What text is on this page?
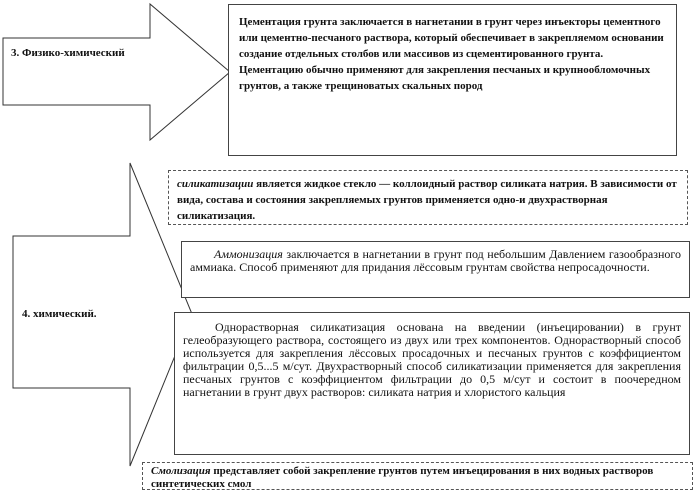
3. Физико-химический
Цементация грунта заключается в нагнетании в грунт через инъекторы цементного или цементно-песчаного раствора, который обеспечивает в закрепляемом основании создание отдельных столбов или массивов из сцементированного грунта. Цементацию обычно применяют для закрепления песчаных и крупнообломочных грунтов, а также трещиноватых скальных пород
4. химический.
силикатизации является жидкое стекло — коллоидный раствор силиката натрия. В зависимости от вида, состава и состояния закрепляемых грунтов применяется одно-и двухрастворная силикатизация.
Аммонизация заключается в нагнетании в грунт под небольшим Давлением газообразного аммиака. Способ применяют для придания лёссовым грунтам свойства непросадочности.
Однорастворная силикатизация основана на введении (инъецировании) в грунт гелеобразующего раствора, состоящего из двух или трех компонентов. Однорастворный способ используется для закрепления лёссовых просадочных и песчаных грунтов с коэффициентом фильтрации 0,5...5 м/сут. Двухрастворный способ силикатизации применяется для закрепления песчаных грунтов с коэффициентом фильтрации до 0,5 м/сут и состоит в поочередном нагнетании в грунт двух растворов: силиката натрия и хлористого кальция
Смолизация представляет собой закрепление грунтов путем инъецирования в них водных растворов синтетических смол
